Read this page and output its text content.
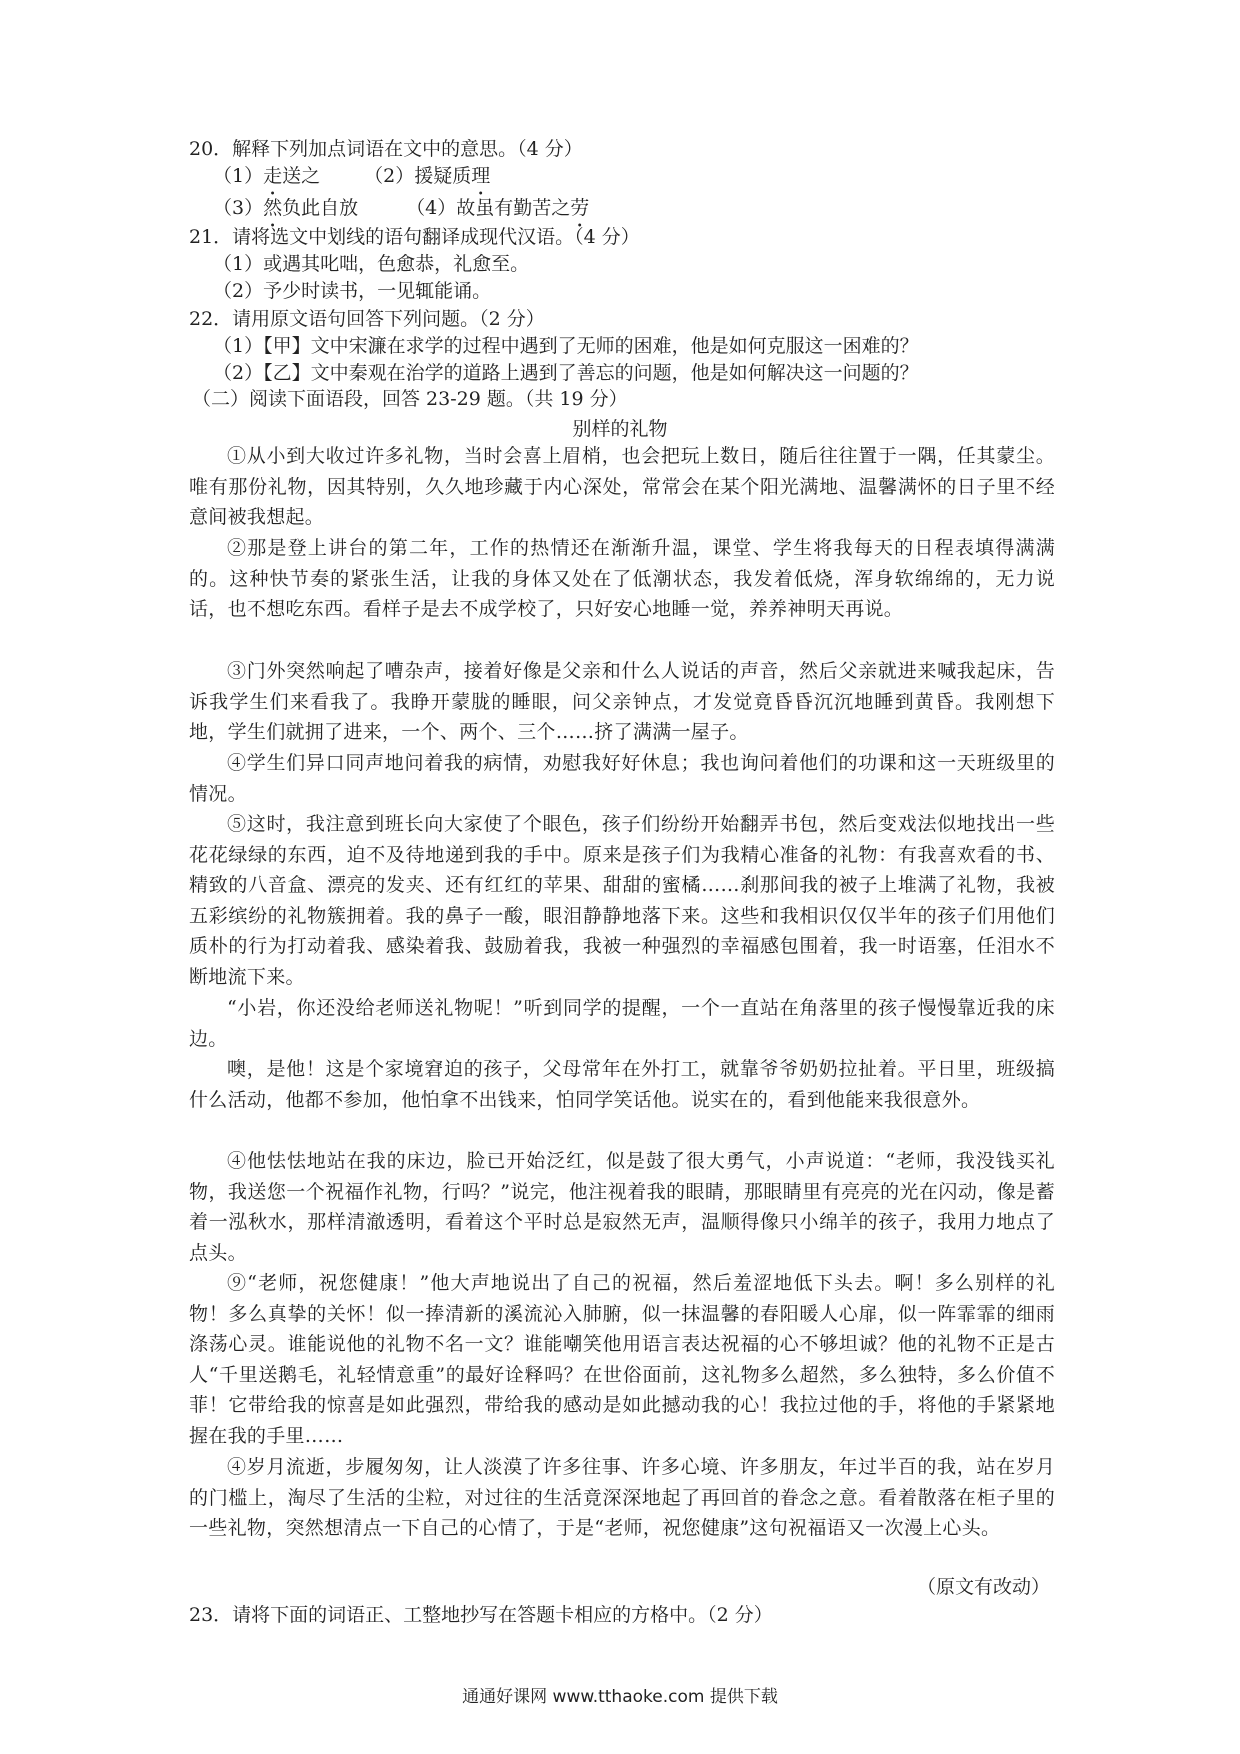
20．解释下列加点词语在文中的意思。（4 分）
（1）走送之 （2）援疑质理
（3）然负此自放	（4）故虽有勤苦之劳
21．请将选文中划线的语句翻译成现代汉语。（4 分）
（1）或遇其叱咄，色愈恭，礼愈至。
（2）予少时读书，一见辄能诵。
22．请用原文语句回答下列问题。（2 分）
（1）【甲】文中宋濂在求学的过程中遇到了无师的困难，他是如何克服这一困难的？
（2）【乙】文中秦观在治学的道路上遇到了善忘的问题，他是如何解决这一问题的？
（二）阅读下面语段，回答 23-29 题。（共 19 分）
别样的礼物
①从小到大收过许多礼物，当时会喜上眉梢，也会把玩上数日，随后往往置于一隅，任其蒙尘。唯有那份礼物，因其特别，久久地珍藏于内心深处，常常会在某个阳光满地、温馨满怀的日子里不经意间被我想起。
②那是登上讲台的第二年，工作的热情还在渐渐升温，课堂、学生将我每天的日程表填得满满的。这种快节奏的紧张生活，让我的身体又处在了低潮状态，我发着低烧，浑身软绵绵的，无力说话，也不想吃东西。看样子是去不成学校了，只好安心地睡一觉，养养神明天再说。
③门外突然响起了嘈杂声，接着好像是父亲和什么人说话的声音，然后父亲就进来喊我起床，告诉我学生们来看我了。我睁开蒙胧的睡眼，问父亲钟点，才发觉竟昏昏沉沉地睡到黄昏。我刚想下地，学生们就拥了进来，一个、两个、三个……挤了满满一屋子。
④学生们异口同声地问着我的病情，劝慰我好好休息；我也询问着他们的功课和这一天班级里的情况。
⑤这时，我注意到班长向大家使了个眼色，孩子们纷纷开始翻弄书包，然后变戏法似地找出一些花花绿绿的东西，迫不及待地递到我的手中。原来是孩子们为我精心准备的礼物：有我喜欢看的书、精致的八音盒、漂亮的发夹、还有红红的苹果、甜甜的蜜橘……刹那间我的被子上堆满了礼物，我被五彩缤纷的礼物簇拥着。我的鼻子一酸，眼泪静静地落下来。这些和我相识仅仅半年的孩子们用他们质朴的行为打动着我、感染着我、鼓励着我，我被一种强烈的幸福感包围着，我一时语塞，任泪水不断地流下来。
“小岩，你还没给老师送礼物呢！”听到同学的提醒，一个一直站在角落里的孩子慢慢靠近我的床边。
噢，是他！这是个家境窘迫的孩子，父母常年在外打工，就靠爷爷奶奶拉扯着。平日里，班级搞什么活动，他都不参加，他怕拿不出钱来，怕同学笑话他。说实在的，看到他能来我很意外。
④他怯怯地站在我的床边，脸已开始泛红，似是鼓了很大勇气，小声说道：“老师，我没钱买礼物，我送您一个祝福作礼物，行吗？”说完，他注视着我的眼睛，那眼睛里有亮亮的光在闪动，像是蓄着一泓秋水，那样清澈透明，看着这个平时总是寂然无声，温顺得像只小绵羊的孩子，我用力地点了点头。
⑨“老师，祝您健康！”他大声地说出了自己的祝福，然后羞涩地低下头去。啊！多么别样的礼物！多么真挚的关怀！似一捧清新的溪流沁入肺腑，似一抹温馨的春阳暖人心扉，似一阵霏霏的细雨涤荡心灵。谁能说他的礼物不名一文？谁能嘲笑他用语言表达祝福的心不够坦诚？他的礼物不正是古人“千里送鹅毛，礼轻情意重”的最好诠释吗？在世俗面前，这礼物多么超然，多么独特，多么价值不菲！它带给我的惊喜是如此强烈，带给我的感动是如此撼动我的心！我拉过他的手，将他的手紧紧地握在我的手里……
④岁月流逝，步履匆匆，让人淡漠了许多往事、许多心境、许多朋友，年过半百的我，站在岁月的门槛上，淘尽了生活的尘粒，对过往的生活竟深深地起了再回首的眷念之意。看着散落在柜子里的一些礼物，突然想清点一下自己的心情了，于是“老师，祝您健康”这句祝福语又一次漫上心头。
（原文有改动）
23．请将下面的词语正、工整地抄写在答题卡相应的方格中。（2 分）
通通好课网 www.tthaoke.com 提供下载
